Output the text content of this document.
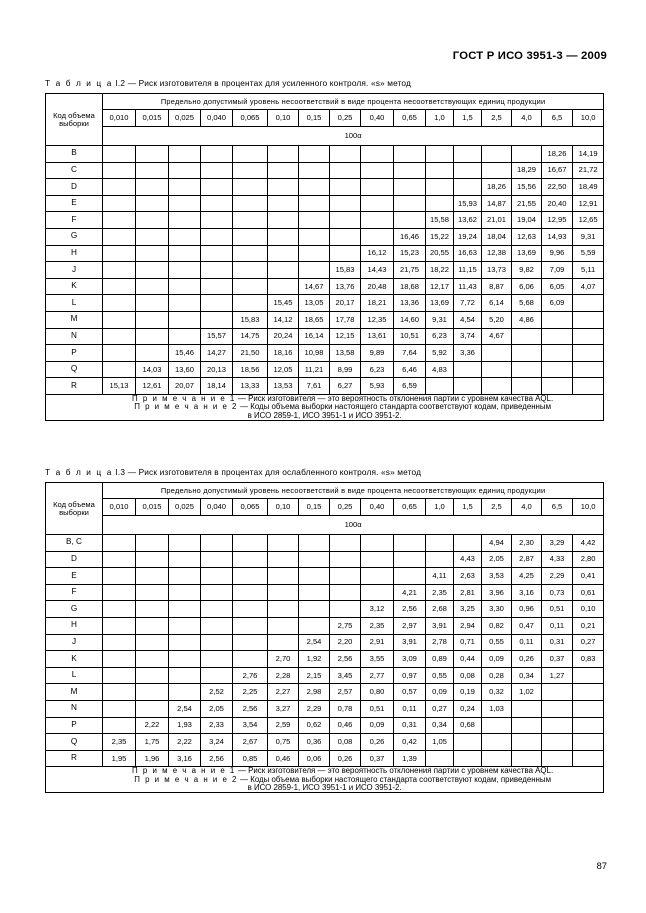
ГОСТ Р ИСО 3951-3 — 2009
Т а б л и ц а I.2 — Риск изготовителя в процентах для усиленного контроля. «s» метод
Код объема выборки	Предельно допустимый уровень несоответствий в виде процента несоответствующих единиц продукции															
	0,010	0,015	0,025	0,040	0,065	0,10	0,15	0,25	0,40	0,65	1,0	1,5	2,5	4,0	6,5	10,0
	100α															
B															18,26	14,19
C														18,29	16,67	21,72
D													18,26	15,56	22,50	18,49
E												15,93	14,87	21,55	20,40	12,91
F											15,58	13,62	21,01	19,04	12,95	12,65
G										16,46	15,22	19,24	18,04	12,63	14,93	9,31
H									16,12	15,23	20,55	16,63	12,38	13,69	9,96	5,59
J								15,83	14,43	21,75	18,22	11,15	13,73	9,82	7,09	5,11
K							14,67	13,76	20,48	18,68	12,17	11,43	8,87	6,06	6,05	4,07
L						15,45	13,05	20,17	18,21	13,36	13,69	7,72	6,14	5,68	6,09	
M					15,83	14,12	18,65	17,78	12,35	14,60	9,31	4,54	5,20	4,86		
N				15,57	14,75	20,24	16,14	12,15	13,61	10,51	6,23	3,74	4,67			
P			15,46	14,27	21,50	18,16	10,98	13,58	9,89	7,64	5,92	3,36				
Q		14,03	13,60	20,13	18,56	12,05	11,21	8,99	6,23	6,46	4,83					
R	15,13	12,61	20,07	18,14	13,33	13,53	7,61	6,27	5,93	6,59						

П р и м е ч а н и е 1 — Риск изготовителя — это вероятность отклонения партии с уровнем качества AQL.
П р и м е ч а н и е 2 — Коды объема выборки настоящего стандарта соответствуют кодам, приведенным
в ИСО 2859-1, ИСО 3951-1 и ИСО 3951-2.																
Т а б л и ц а I.3 — Риск изготовителя в процентах для ослабленного контроля. «s» метод
Код объема выборки	Предельно допустимый уровень несоответствий в виде процента несоответствующих единиц продукции															
	0,010	0,015	0,025	0,040	0,065	0,10	0,15	0,25	0,40	0,65	1,0	1,5	2,5	4,0	6,5	10,0
	100α															
B, C													4,94	2,30	3,29	4,42
D												4,43	2,05	2,87	4,33	2,80
E											4,11	2,63	3,53	4,25	2,29	0,41
F										4,21	2,35	2,81	3,96	3,16	0,73	0,61
G									3,12	2,56	2,68	3,25	3,30	0,96	0,51	0,10
H								2,75	2,35	2,97	3,91	2,94	0,82	0,47	0,11	0,21
J							2,54	2,20	2,91	3,91	2,78	0,71	0,55	0,11	0,31	0,27
K						2,70	1,92	2,56	3,55	3,09	0,89	0,44	0,09	0,26	0,37	0,83
L					2,76	2,28	2,15	3,45	2,77	0,97	0,55	0,08	0,28	0,34	1,27	
M				2,52	2,25	2,27	2,98	2,57	0,80	0,57	0,09	0,19	0,32	1,02		
N			2,54	2,05	2,56	3,27	2,29	0,78	0,51	0,11	0,27	0,24	1,03			
P		2,22	1,93	2,33	3,54	2,59	0,62	0,46	0,09	0,31	0,34	0,68				
Q	2,35	1,75	2,22	3,24	2,67	0,75	0,36	0,08	0,26	0,42	1,05					
R	1,95	1,96	3,16	2,56	0,85	0,46	0,06	0,26	0,37	1,39						

П р и м е ч а н и е 1 — Риск изготовителя — это вероятность отклонения партии с уровнем качества AQL.
П р и м е ч а н и е 2 — Коды объема выборки настоящего стандарта соответствуют кодам, приведенным
в ИСО 2859-1, ИСО 3951-1 и ИСО 3951-2.																
87
